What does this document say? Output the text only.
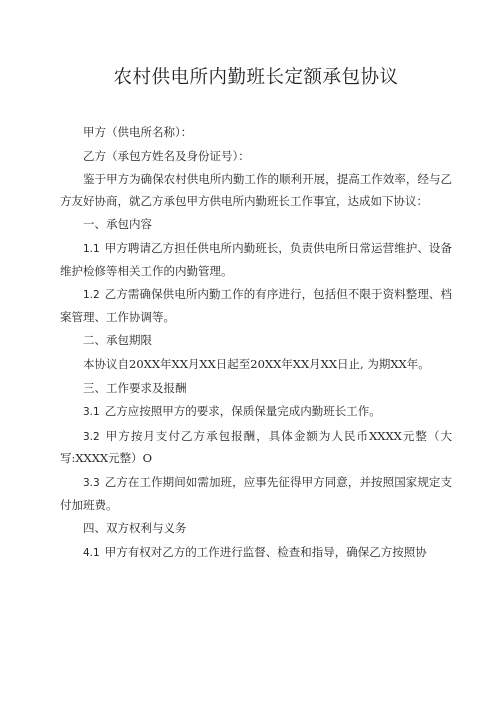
农村供电所内勤班长定额承包协议

甲方（供电所名称）：

乙方（承包方姓名及身份证号）：

鉴于甲方为确保农村供电所内勤工作的顺利开展，提高工作效率，经与乙方友好协商，就乙方承包甲方供电所内勤班长工作事宜，达成如下协议：

一、承包内容

1.1 甲方聘请乙方担任供电所内勤班长，负责供电所日常运营维护、设备维护检修等相关工作的内勤管理。

1.2 乙方需确保供电所内勤工作的有序进行，包括但不限于资料整理、档案管理、工作协调等。

二、承包期限

本协议自20XX年XX月XX日起至20XX年XX月XX日止, 为期XX年。

三、工作要求及报酬

3.1 乙方应按照甲方的要求，保质保量完成内勤班长工作。

3.2 甲方按月支付乙方承包报酬，具体金额为人民币XXXX元整（大写:XXXX元整）O

3.3 乙方在工作期间如需加班，应事先征得甲方同意，并按照国家规定支付加班费。

四、双方权利与义务

4.1 甲方有权对乙方的工作进行监督、检查和指导，确保乙方按照协
